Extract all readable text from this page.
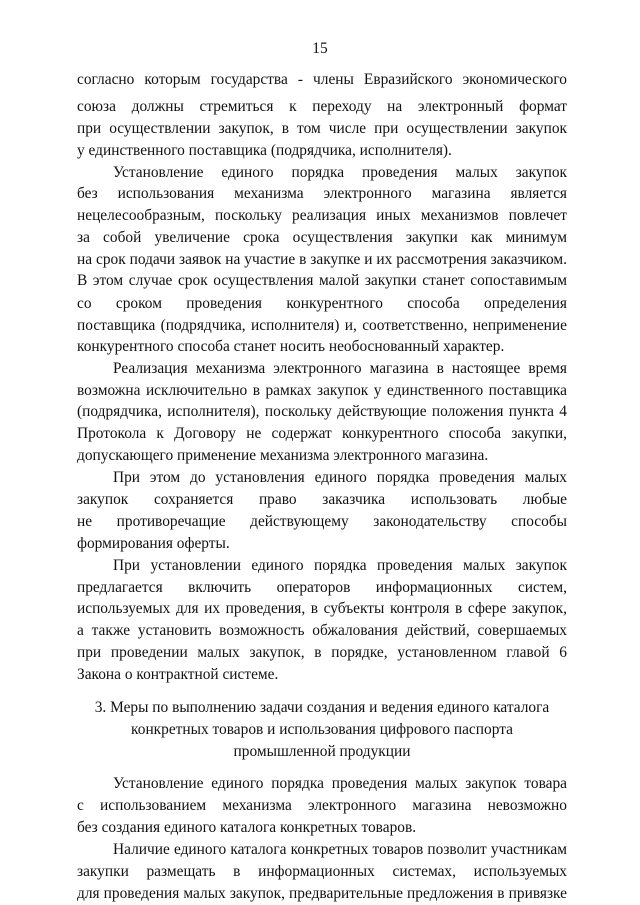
15
согласно которым государства - члены Евразийского экономического
союза должны стремиться к переходу на электронный формат
при осуществлении закупок, в том числе при осуществлении закупок
у единственного поставщика (подрядчика, исполнителя).
Установление единого порядка проведения малых закупок
без использования механизма электронного магазина является
нецелесообразным, поскольку реализация иных механизмов повлечет
за собой увеличение срока осуществления закупки как минимум
на срок подачи заявок на участие в закупке и их рассмотрения заказчиком.
В этом случае срок осуществления малой закупки станет сопоставимым
со сроком проведения конкурентного способа определения
поставщика (подрядчика, исполнителя) и, соответственно, неприменение
конкурентного способа станет носить необоснованный характер.
Реализация механизма электронного магазина в настоящее время
возможна исключительно в рамках закупок у единственного поставщика
(подрядчика, исполнителя), поскольку действующие положения пункта 4
Протокола к Договору не содержат конкурентного способа закупки,
допускающего применение механизма электронного магазина.
При этом до установления единого порядка проведения малых
закупок сохраняется право заказчика использовать любые
не противоречащие действующему законодательству способы
формирования оферты.
При установлении единого порядка проведения малых закупок
предлагается включить операторов информационных систем,
используемых для их проведения, в субъекты контроля в сфере закупок,
а также установить возможность обжалования действий, совершаемых
при проведении малых закупок, в порядке, установленном главой 6
Закона о контрактной системе.
3. Меры по выполнению задачи создания и ведения единого каталога
конкретных товаров и использования цифрового паспорта
промышленной продукции
Установление единого порядка проведения малых закупок товара
с использованием механизма электронного магазина невозможно
без создания единого каталога конкретных товаров.
Наличие единого каталога конкретных товаров позволит участникам
закупки размещать в информационных системах, используемых
для проведения малых закупок, предварительные предложения в привязке
